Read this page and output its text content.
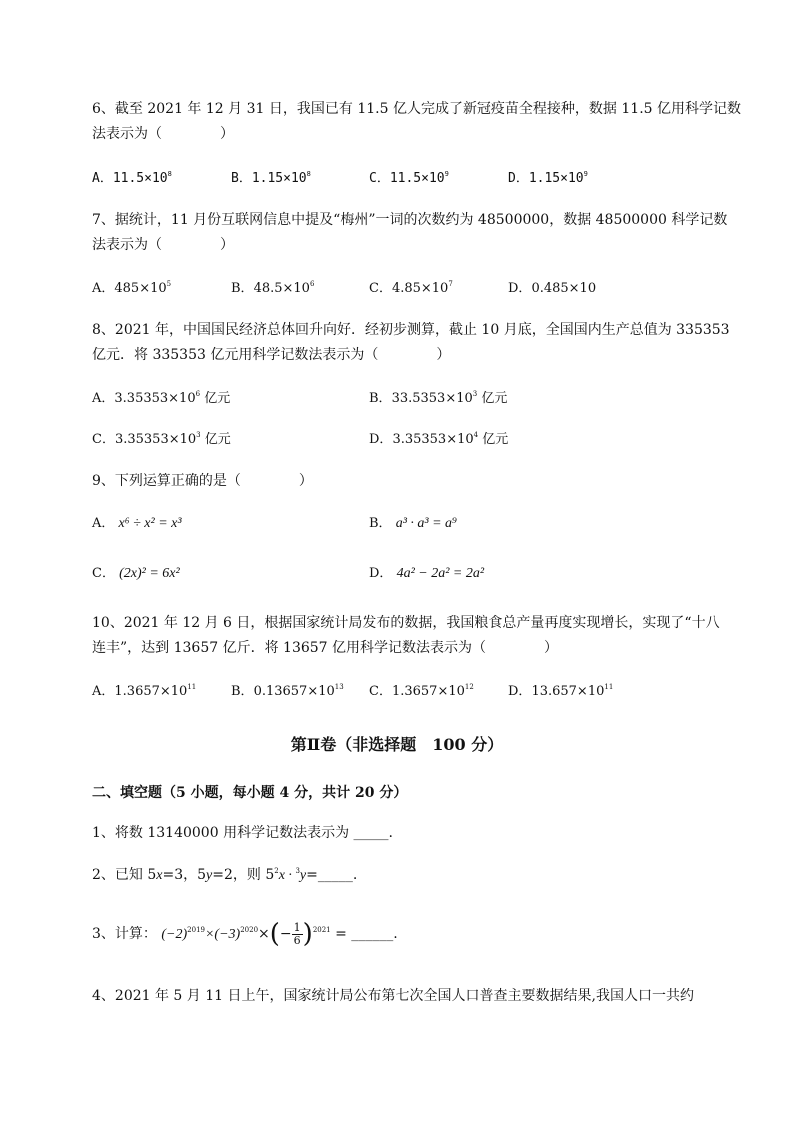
6、截至 2021 年 12 月 31 日，我国已有 11.5 亿人完成了新冠疫苗全程接种，数据 11.5 亿用科学记数
法表示为（	）
A．$11.5\times 10^8$	B．$1.15\times 10^8$	C．$11.5\times 10^9$	D．$1.15\times 10^9$
7、据统计，11 月份互联网信息中提及“梅州”一词的次数约为 48500000，数据 48500000 科学记数
法表示为（	）
A．$485\times 10^5$	B．$48.5\times 10^6$	C．$4.85\times 10^7$	D．0.485×10
8、2021 年，中国国民经济总体回升向好．经初步测算，截止 10 月底，全国国内生产总值为 335353
亿元．将 335353 亿元用科学记数法表示为（	）
A．$3.35353\times 10^6$ 亿元	B．$33.5353\times 10^3$ 亿元
C．$3.35353\times 10^3$ 亿元	D．$3.35353\times 10^4$ 亿元
9、下列运算正确的是（	）
A． x⁶ ÷ x² = x³	B． a³ · a³ = a⁹
C． (2x)² = 6x²	D． 4a² − 2a² = 2a²
10、2021 年 12 月 6 日，根据国家统计局发布的数据，我国粮食总产量再度实现增长，实现了“十八
连丰”，达到 13657 亿斤．将 13657 亿用科学记数法表示为（	）
A．$1.3657\times 10^{11}$	B．$0.13657\times 10^{13}$ C．$1.3657\times 10^{12}$	D．$13.657\times 10^{11}$
第Ⅱ卷（非选择题　100 分）
二、填空题（5 小题，每小题 4 分，共计 20 分）
1、将数 13140000 用科学记数法表示为 _____.
2、已知 5x=3，5y=2，则 $5^2x$ · $^3$y=_____.
3、计算： $(-2)^{2019}\times(-3)^{2020}\times(- \frac{1}{6} )^{2021}$ = ______.
4、2021 年 5 月 11 日上午，国家统计局公布第七次全国人口普查主要数据结果,我国人口一共约
